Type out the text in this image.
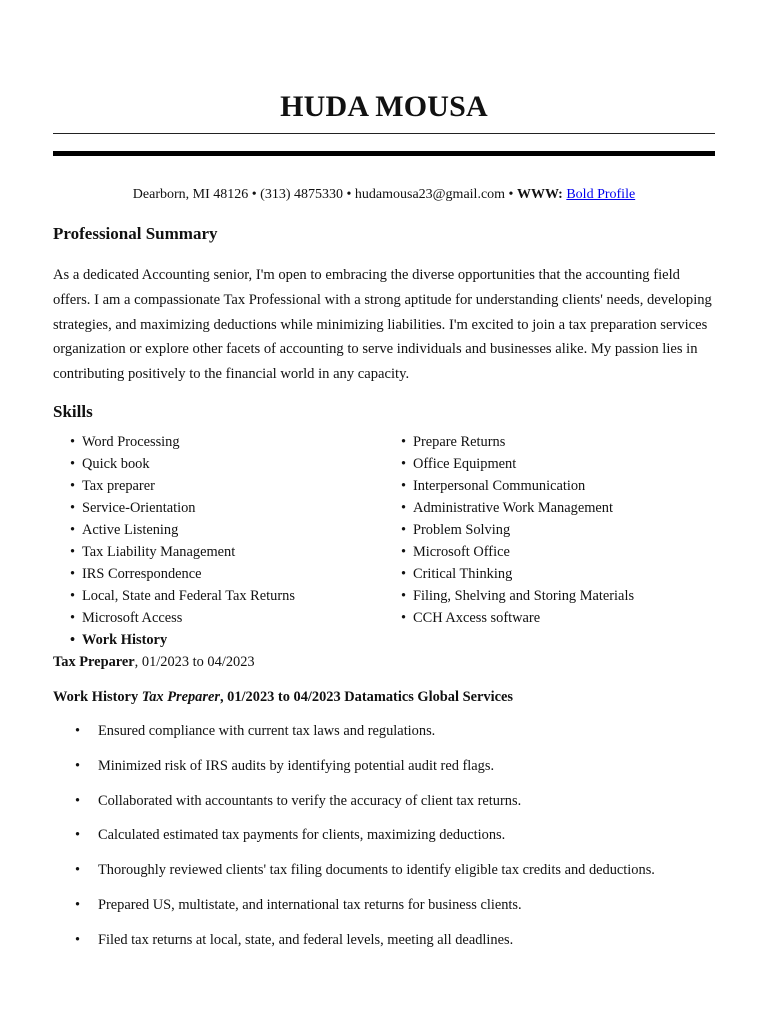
HUDA MOUSA
Dearborn, MI 48126 • (313) 4875330 • hudamousa23@gmail.com • WWW: Bold Profile
Professional Summary
As a dedicated Accounting senior, I'm open to embracing the diverse opportunities that the accounting field offers. I am a compassionate Tax Professional with a strong aptitude for understanding clients' needs, developing strategies, and maximizing deductions while minimizing liabilities. I'm excited to join a tax preparation services organization or explore other facets of accounting to serve individuals and businesses alike. My passion lies in contributing positively to the financial world in any capacity.
Skills
• Word Processing
• Quick book
• Tax preparer
• Service-Orientation
• Active Listening
• Tax Liability Management
• IRS Correspondence
• Local, State and Federal Tax Returns
• Microsoft Access
• Work History
• Prepare Returns
• Office Equipment
• Interpersonal Communication
• Administrative Work Management
• Problem Solving
• Microsoft Office
• Critical Thinking
• Filing, Shelving and Storing Materials
• CCH Axcess software
Tax Preparer, 01/2023 to 04/2023
Work History Tax Preparer, 01/2023 to 04/2023 Datamatics Global Services
• Ensured compliance with current tax laws and regulations.
• Minimized risk of IRS audits by identifying potential audit red flags.
• Collaborated with accountants to verify the accuracy of client tax returns.
• Calculated estimated tax payments for clients, maximizing deductions.
• Thoroughly reviewed clients' tax filing documents to identify eligible tax credits and deductions.
• Prepared US, multistate, and international tax returns for business clients.
• Filed tax returns at local, state, and federal levels, meeting all deadlines.
